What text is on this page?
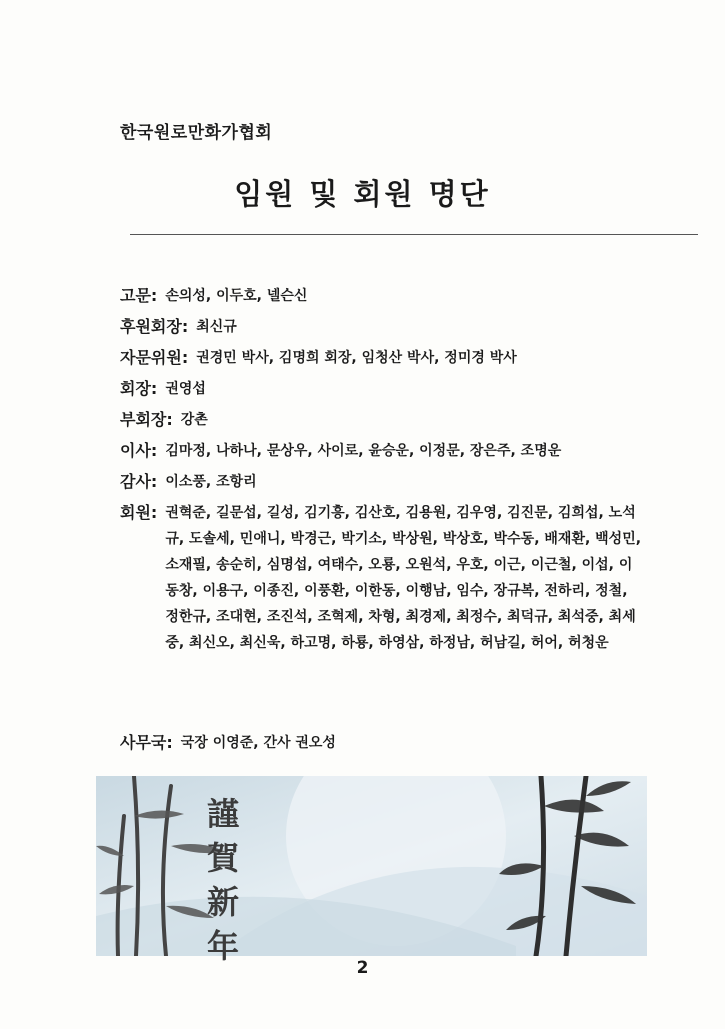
한국원로만화가협회
임원 및 회원 명단
고문 : 손의성, 이두호, 넬슨신
후원회장 : 최신규
자문위원 : 권경민 박사, 김명희 회장, 임청산 박사, 정미경 박사
회장 : 권영섭
부회장 : 강촌
이사 : 김마정, 나하나, 문상우, 사이로, 윤승운, 이정문, 장은주, 조명운
감사 : 이소풍, 조항리
회원 : 권혁준, 길문섭, 길성, 김기흥, 김산호, 김용원, 김우영, 김진문, 김희섭, 노석규, 도솔세, 민애니, 박경근, 박기소, 박상원, 박상호, 박수동, 배재환, 백성민, 소재필, 송순히, 심명섭, 여태수, 오룡, 오원석, 우호, 이근, 이근철, 이섭, 이동창, 이용구, 이종진, 이풍환, 이한동, 이행남, 임수, 장규복, 전하리, 정철, 정한규, 조대현, 조진석, 조혁제, 차형, 최경제, 최정수, 최덕규, 최석중, 최세중, 최신오, 최신욱, 하고명, 하룡, 하영삼, 하정남, 허남길, 허어, 허청운
사무국 : 국장 이영준, 간사 권오성
謹
賀
新
年
2
